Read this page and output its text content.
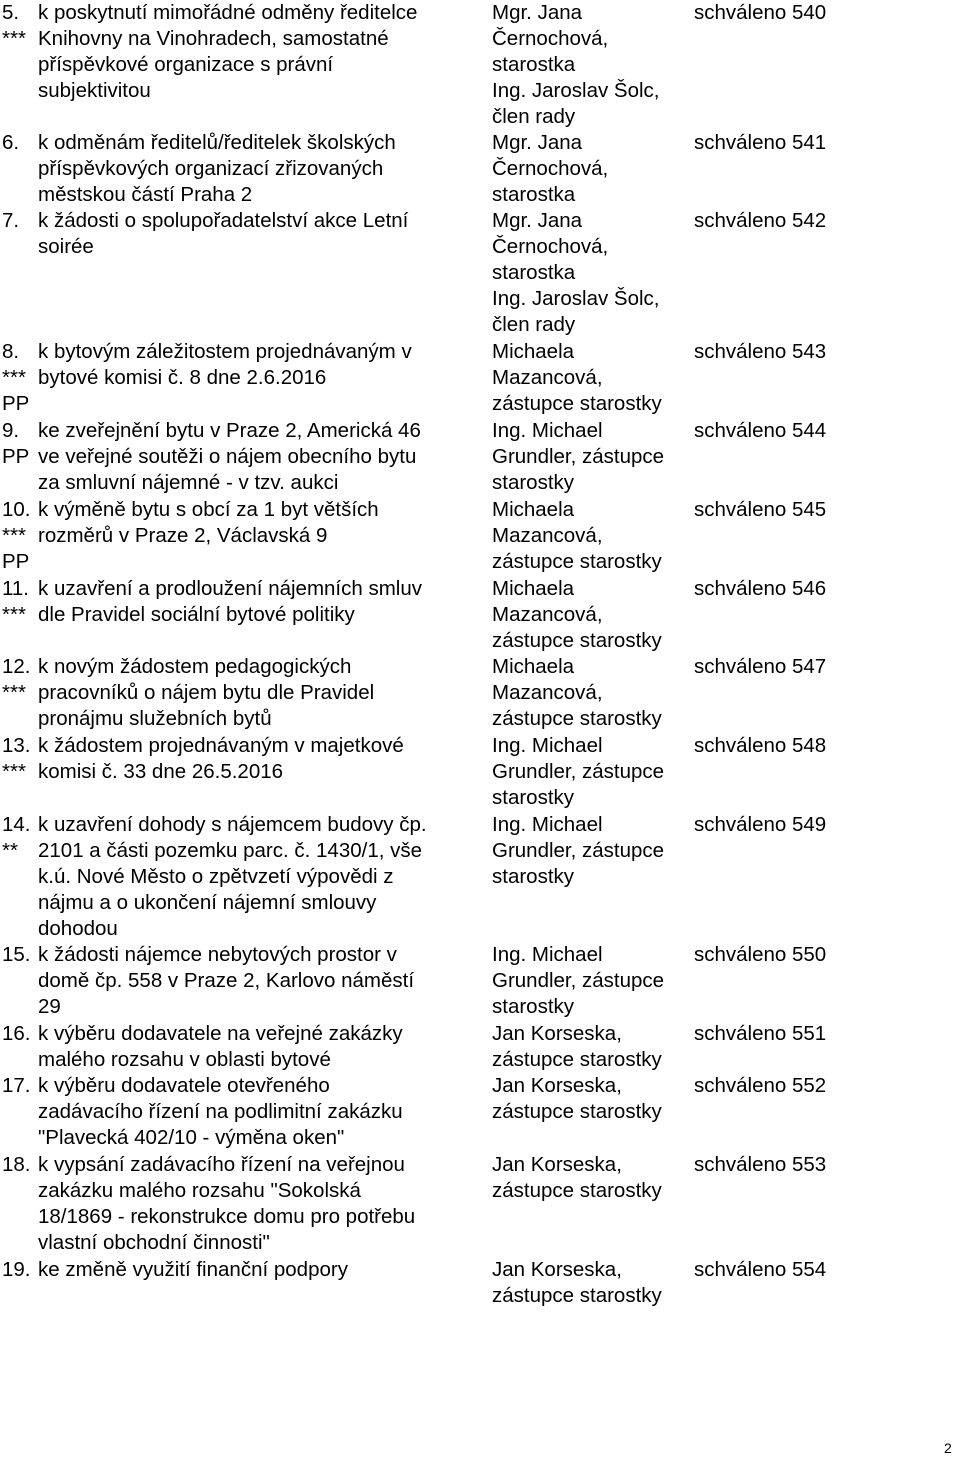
5.
***
k poskytnutí mimořádné odměny ředitelce
Knihovny na Vinohradech, samostatné
příspěvkové organizace s právní
subjektivitou
Mgr. Jana
Černochová,
starostka
Ing. Jaroslav Šolc,
člen rady
schváleno 540
6. k odměnám ředitelů/ředitelek školských
příspěvkových organizací zřizovaných
městskou částí Praha 2
Mgr. Jana
Černochová,
starostka
schváleno 541
7. k žádosti o spolupořadatelství akce Letní
soirée
Mgr. Jana
Černochová,
starostka
Ing. Jaroslav Šolc,
člen rady
schváleno 542
8.
***
PP
k bytovým záležitostem projednávaným v
bytové komisi č. 8 dne 2.6.2016
Michaela
Mazancová,
zástupce starostky
schváleno 543
9.
PP
ke zveřejnění bytu v Praze 2, Americká 46
ve veřejné soutěži o nájem obecního bytu
za smluvní nájemné - v tzv. aukci
Ing. Michael
Grundler, zástupce
starostky
schváleno 544
10.
***
PP
k výměně bytu s obcí za 1 byt větších
rozměrů v Praze 2, Václavská 9
Michaela
Mazancová,
zástupce starostky
schváleno 545
11.
***
k uzavření a prodloužení nájemních smluv
dle Pravidel sociální bytové politiky
Michaela
Mazancová,
zástupce starostky
schváleno 546
12.
***
k novým žádostem pedagogických
pracovníků o nájem bytu dle Pravidel
pronájmu služebních bytů
Michaela
Mazancová,
zástupce starostky
schváleno 547
13.
***
k žádostem projednávaným v majetkové
komisi č. 33 dne 26.5.2016
Ing. Michael
Grundler, zástupce
starostky
schváleno 548
14.
**
k uzavření dohody s nájemcem budovy čp.
2101 a části pozemku parc. č. 1430/1, vše
k.ú. Nové Město o zpětvzetí výpovědi z
nájmu a o ukončení nájemní smlouvy
dohodou
Ing. Michael
Grundler, zástupce
starostky
schváleno 549
15. k žádosti nájemce nebytových prostor v
domě čp. 558 v Praze 2, Karlovo náměstí
29
Ing. Michael
Grundler, zástupce
starostky
schváleno 550
16. k výběru dodavatele na veřejné zakázky
malého rozsahu v oblasti bytové
Jan Korseska,
zástupce starostky
schváleno 551
17. k výběru dodavatele otevřeného
zadávacího řízení na podlimitní zakázku
"Plavecká 402/10 - výměna oken"
Jan Korseska,
zástupce starostky
schváleno 552
18. k vypsání zadávacího řízení na veřejnou
zakázku malého rozsahu "Sokolská
18/1869 - rekonstrukce domu pro potřebu
vlastní obchodní činnosti"
Jan Korseska,
zástupce starostky
schváleno 553
19. ke změně využití finanční podpory	Jan Korseska,
zástupce starostky
schváleno 554
2
